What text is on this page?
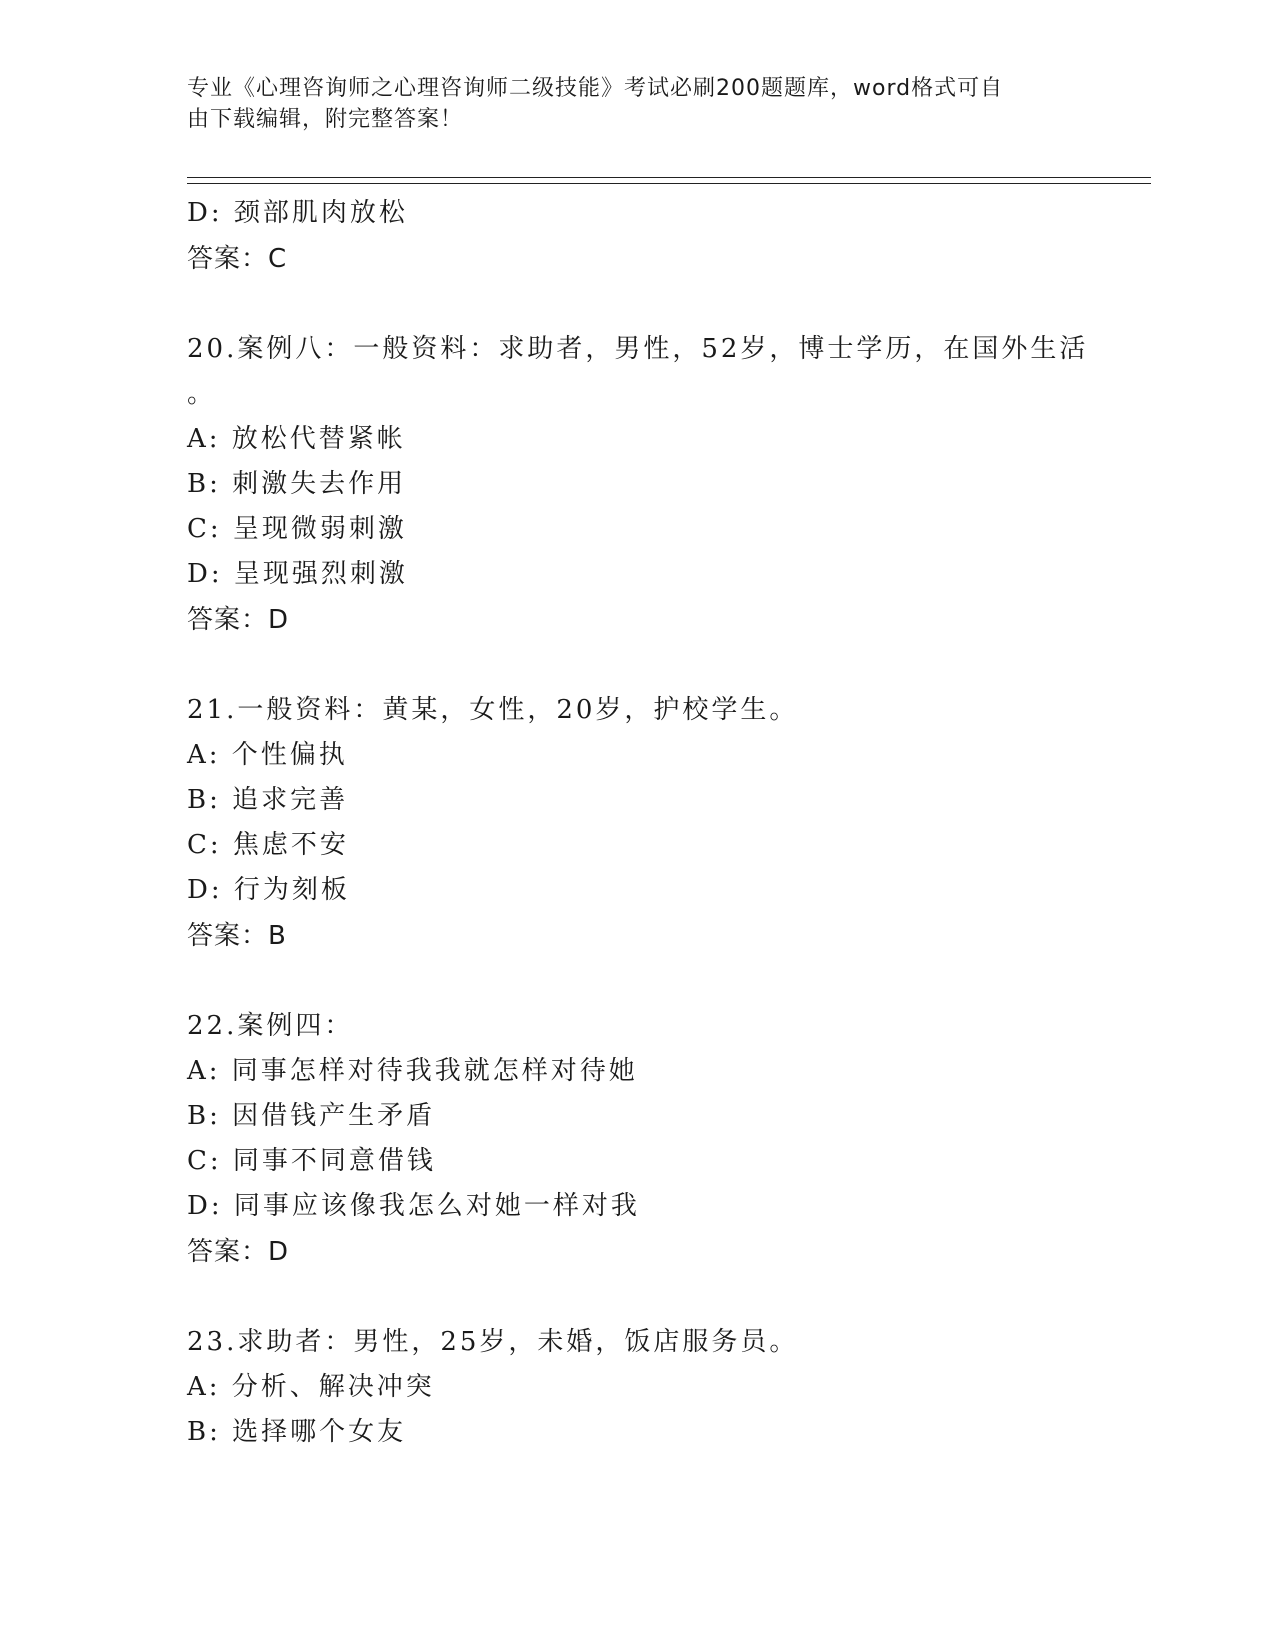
专业《心理咨询师之心理咨询师二级技能》考试必刷200题题库，word格式可自
由下载编辑，附完整答案！
D: 颈部肌肉放松
答案：C
20.案例八：一般资料：求助者，男性，52岁，博士学历，在国外生活
。
A: 放松代替紧帐
B: 刺激失去作用
C: 呈现微弱刺激
D: 呈现强烈刺激
答案：D
21.一般资料：黄某，女性，20岁，护校学生。
A: 个性偏执
B: 追求完善
C: 焦虑不安
D: 行为刻板
答案：B
22.案例四：
A: 同事怎样对待我我就怎样对待她
B: 因借钱产生矛盾
C: 同事不同意借钱
D: 同事应该像我怎么对她一样对我
答案：D
23.求助者：男性，25岁，未婚，饭店服务员。
A: 分析、解决冲突
B: 选择哪个女友
